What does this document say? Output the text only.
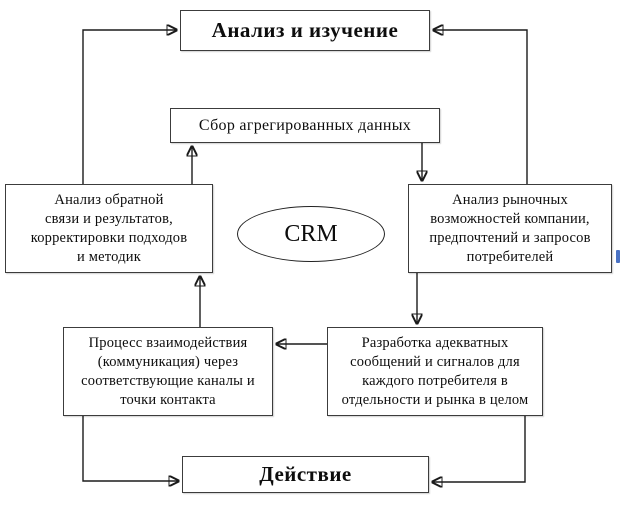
Анализ и изучение
Сбор агрегированных данных
Анализ обратной
связи и результатов,
корректировки подходов
и методик
CRM
Анализ рыночных
возможностей компании,
предпочтений и запросов
потребителей
Процесс взаимодействия
(коммуникация) через
соответствующие каналы и
точки контакта
Разработка адекватных
сообщений и сигналов для
каждого потребителя в
отдельности и рынка в целом
Действие
